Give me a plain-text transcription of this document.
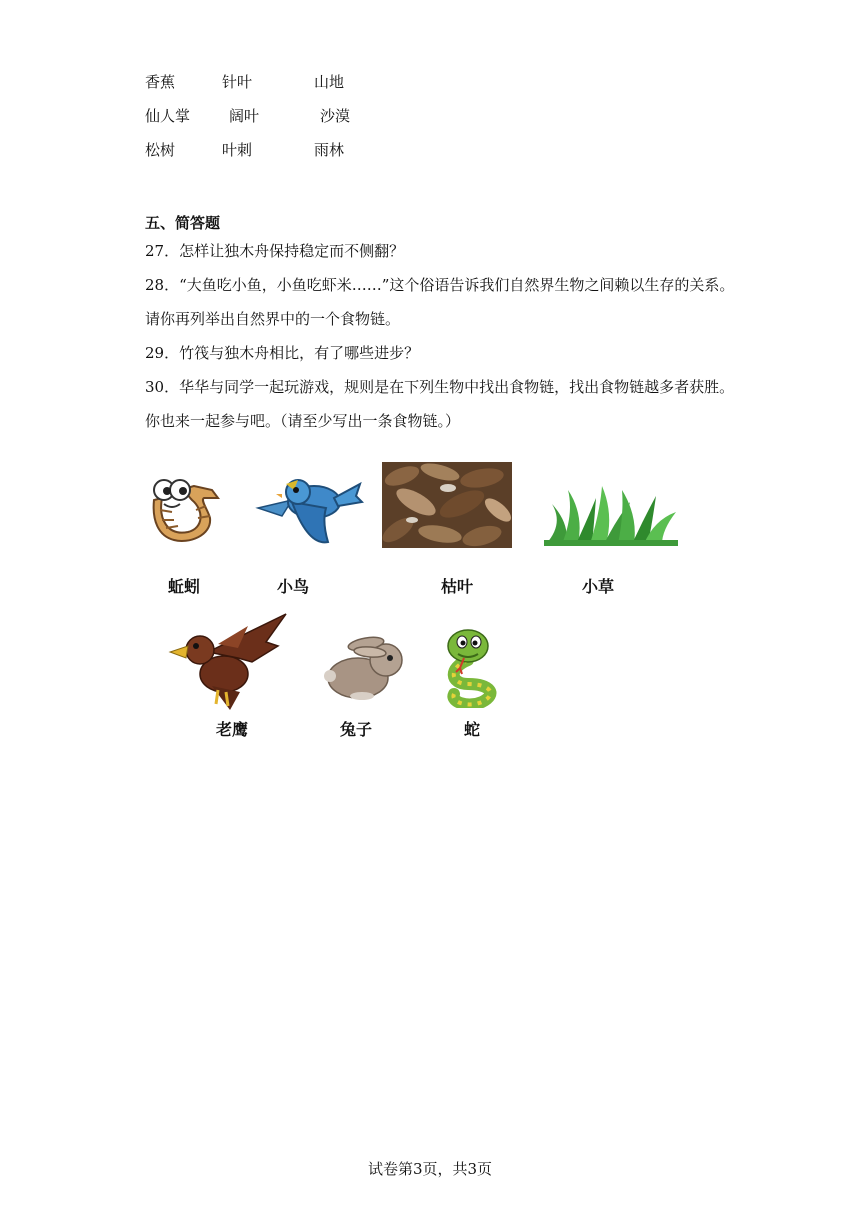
香蕉	针叶	山地
仙人掌	阔叶	沙漠
松树	叶刺	雨林
五、简答题
27．怎样让独木舟保持稳定而不侧翻？
28．“大鱼吃小鱼，小鱼吃虾米……”这个俗语告诉我们自然界生物之间赖以生存的关系。
请你再列举出自然界中的一个食物链。
29．竹筏与独木舟相比，有了哪些进步？
30．华华与同学一起玩游戏，规则是在下列生物中找出食物链，找出食物链越多者获胜。
你也来一起参与吧。（请至少写出一条食物链。）
蚯蚓	小鸟	枯叶	小草
老鹰	兔子	蛇
试卷第3页，共3页
